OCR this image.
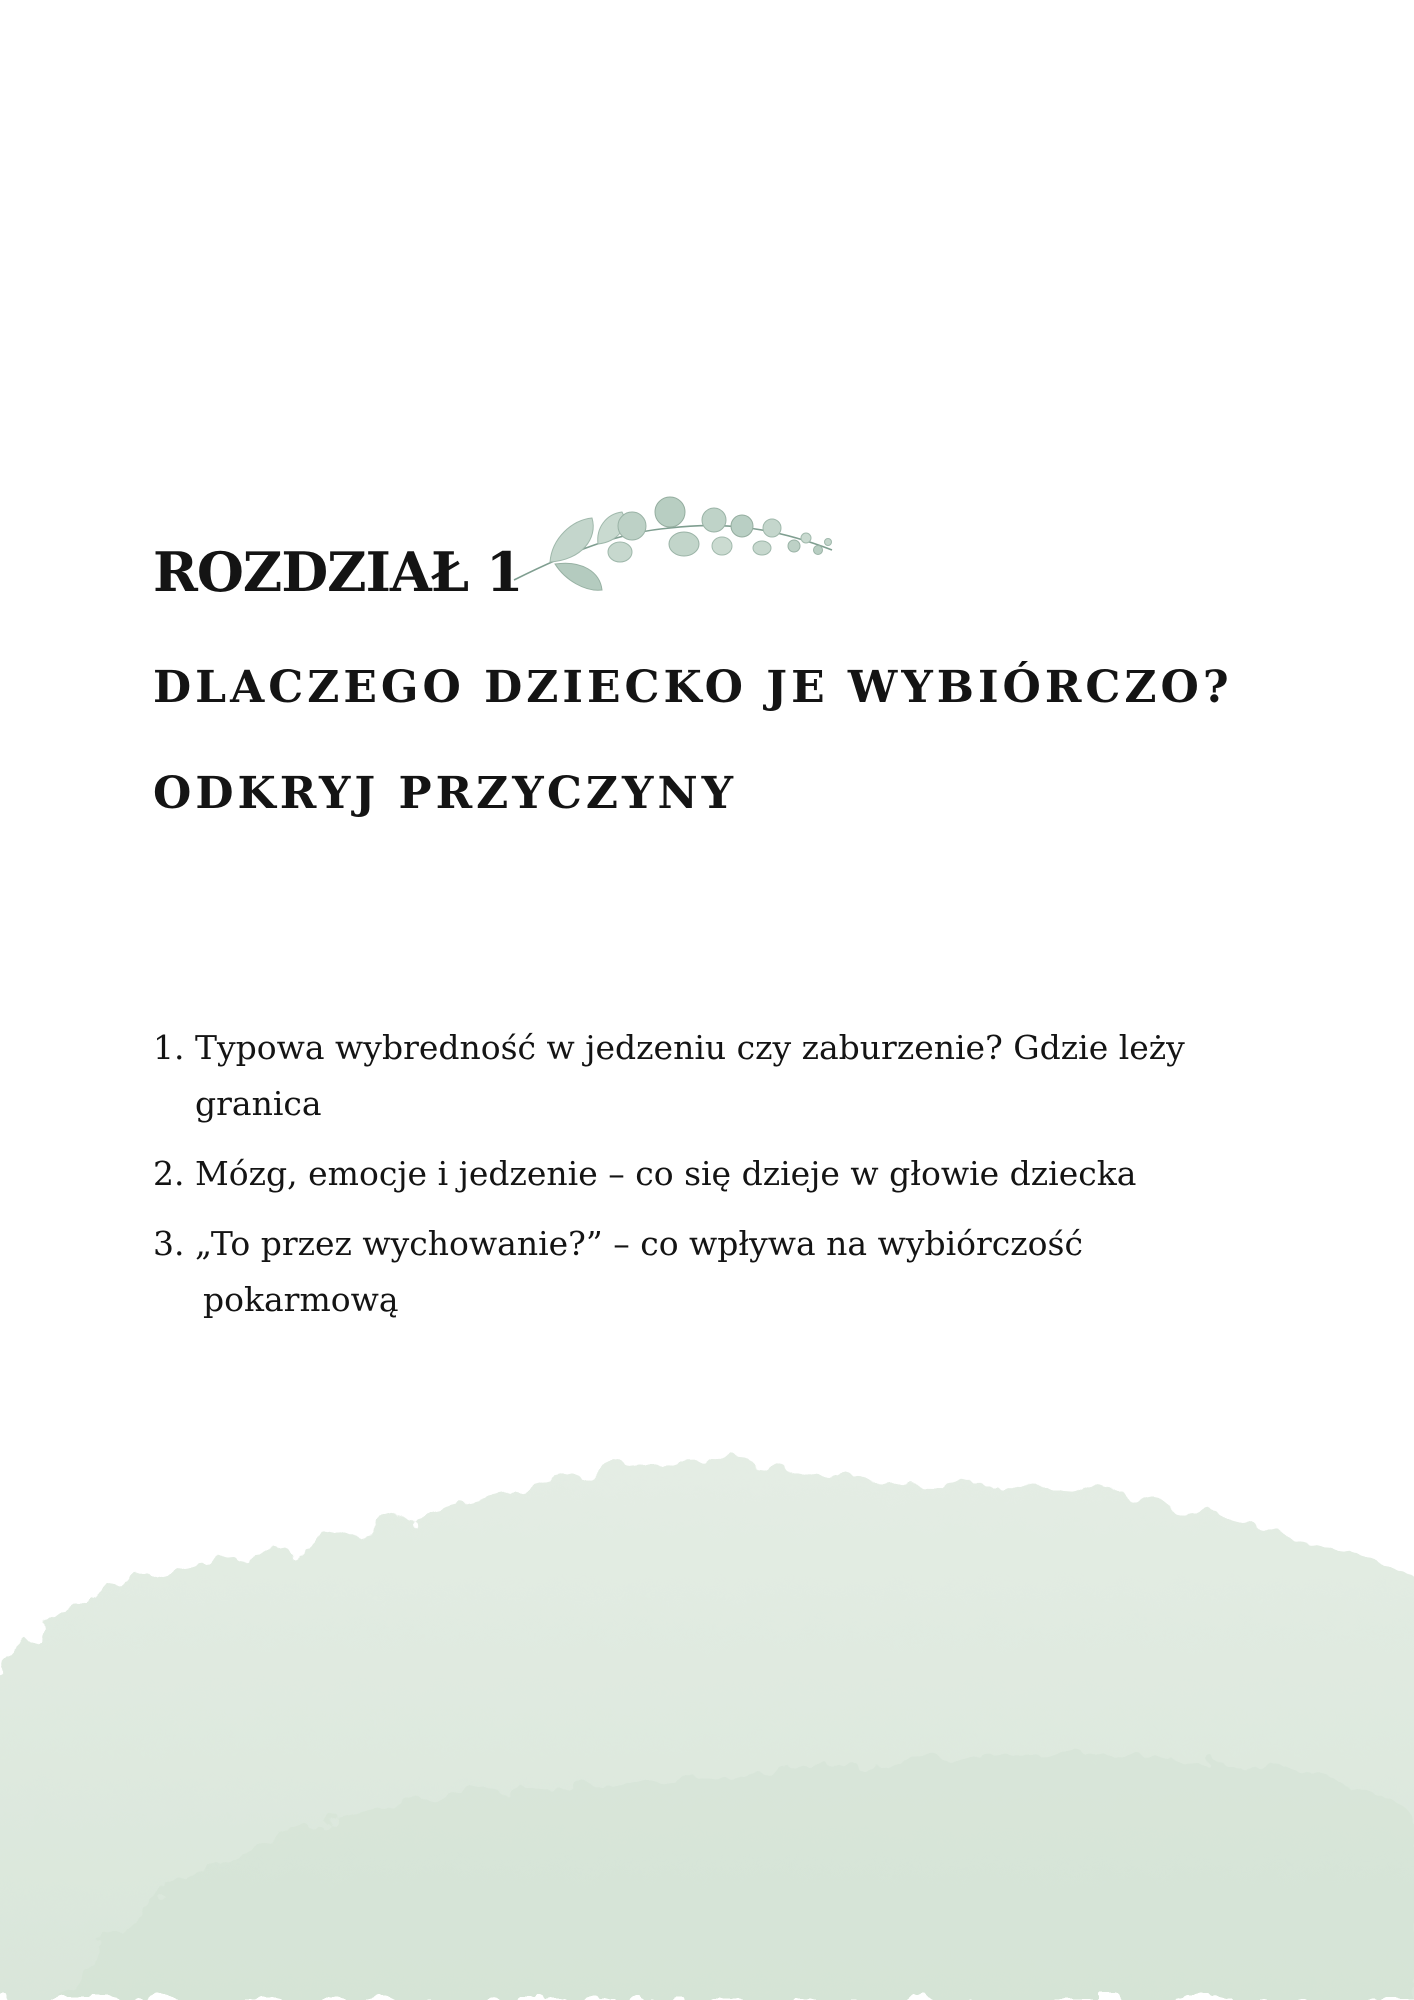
ROZDZIAŁ 1
DLACZEGO DZIECKO JE WYBIÓRCZO?
ODKRYJ PRZYCZYNY
1. Typowa wybredność w jedzeniu czy zaburzenie? Gdzie leży
granica
2. Mózg, emocje i jedzenie – co się dzieje w głowie dziecka
3. „To przez wychowanie?” – co wpływa na wybiórczość
pokarmową
